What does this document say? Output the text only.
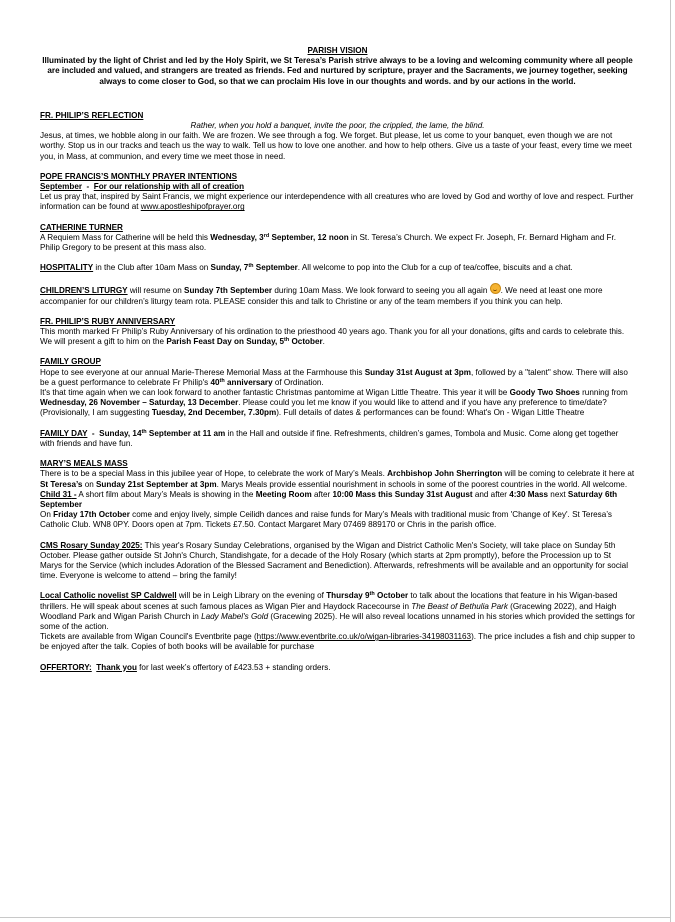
PARISH VISION
Illuminated by the light of Christ and led by the Holy Spirit, we St Teresa’s Parish strive always to be a loving and welcoming community where all people are included and valued, and strangers are treated as friends. Fed and nurtured by scripture, prayer and the Sacraments, we journey together, seeking always to come closer to God, so that we can proclaim His love in our thoughts and words. and by our actions in the world.
FR. PHILIP’S REFLECTION
Rather, when you hold a banquet, invite the poor, the crippled, the lame, the blind.
Jesus, at times, we hobble along in our faith. We are frozen. We see through a fog. We forget. But please, let us come to your banquet, even though we are not worthy. Stop us in our tracks and teach us the way to walk. Tell us how to love one another. and how to help others. Give us a taste of your feast, every time we meet you, in Mass, at communion, and every time we meet those in need.
POPE FRANCIS’S MONTHLY PRAYER INTENTIONS
September  -  For our relationship with all of creation
Let us pray that, inspired by Saint Francis, we might experience our interdependence with all creatures who are loved by God and worthy of love and respect. Further information can be found at www.apostleshipofprayer.org
CATHERINE TURNER
A Requiem Mass for Catherine will be held this Wednesday, 3rd September, 12 noon in St. Teresa’s Church. We expect Fr. Joseph, Fr. Bernard Higham and Fr. Philip Gregory to be present at this mass also.
HOSPITALITY in the Club after 10am Mass on Sunday, 7th September. All welcome to pop into the Club for a cup of tea/coffee, biscuits and a chat.
CHILDREN’S LITURGY will resume on Sunday 7th September during 10am Mass. We look forward to seeing you all again . We need at least one more accompanier for our children’s liturgy team rota. PLEASE consider this and talk to Christine or any of the team members if you think you can help.
FR. PHILIP’S RUBY ANNIVERSARY
This month marked Fr Philip’s Ruby Anniversary of his ordination to the priesthood 40 years ago. Thank you for all your donations, gifts and cards to celebrate this. We will present a gift to him on the Parish Feast Day on Sunday, 5th October.
FAMILY GROUP
Hope to see everyone at our annual Marie-Therese Memorial Mass at the Farmhouse this Sunday 31st August at 3pm, followed by a "talent" show. There will also be a guest performance to celebrate Fr Philip's 40th anniversary of Ordination.
It's that time again when we can look forward to another fantastic Christmas pantomime at Wigan Little Theatre. This year it will be Goody Two Shoes running from Wednesday, 26 November – Saturday, 13 December. Please could you let me know if you would like to attend and if you have any preference to time/date? (Provisionally, I am suggesting Tuesday, 2nd December, 7.30pm). Full details of dates & performances can be found: What's On - Wigan Little Theatre
FAMILY DAY  -  Sunday, 14th September at 11 am in the Hall and outside if fine. Refreshments, children’s games, Tombola and Music. Come along get together with friends and have fun.
MARY’S MEALS MASS
There is to be a special Mass in this jubilee year of Hope, to celebrate the work of Mary’s Meals. Archbishop John Sherrington will be coming to celebrate it here at St Teresa’s on Sunday 21st September at 3pm. Marys Meals provide essential nourishment in schools in some of the poorest countries in the world. All welcome.
Child 31 - A short film about Mary’s Meals is showing in the Meeting Room after 10:00 Mass this Sunday 31st August and after 4:30 Mass next Saturday 6th September
On Friday 17th October come and enjoy lively, simple Ceilidh dances and raise funds for Mary’s Meals with traditional music from 'Change of Key'. St Teresa’s Catholic Club. WN8 0PY. Doors open at 7pm. Tickets £7.50. Contact Margaret Mary 07469 889170 or Chris in the parish office.
CMS Rosary Sunday 2025: This year's Rosary Sunday Celebrations, organised by the Wigan and District Catholic Men's Society, will take place on Sunday 5th October. Please gather outside St John's Church, Standishgate, for a decade of the Holy Rosary (which starts at 2pm promptly), before the Procession up to St Marys for the Service (which includes Adoration of the Blessed Sacrament and Benediction). Afterwards, refreshments will be available and an opportunity for social time. Everyone is welcome to attend – bring the family!
Local Catholic novelist SP Caldwell will be in Leigh Library on the evening of Thursday 9th October to talk about the locations that feature in his Wigan-based thrillers. He will speak about scenes at such famous places as Wigan Pier and Haydock Racecourse in The Beast of Bethulia Park (Gracewing 2022), and Haigh Woodland Park and Wigan Parish Church in Lady Mabel's Gold (Gracewing 2025). He will also reveal locations unnamed in his stories which provided the settings for some of the action.
Tickets are available from Wigan Council's Eventbrite page (https://www.eventbrite.co.uk/o/wigan-libraries-34198031163). The price includes a fish and chip supper to be enjoyed after the talk. Copies of both books will be available for purchase
OFFERTORY: Thank you for last week’s offertory of £423.53 + standing orders.
